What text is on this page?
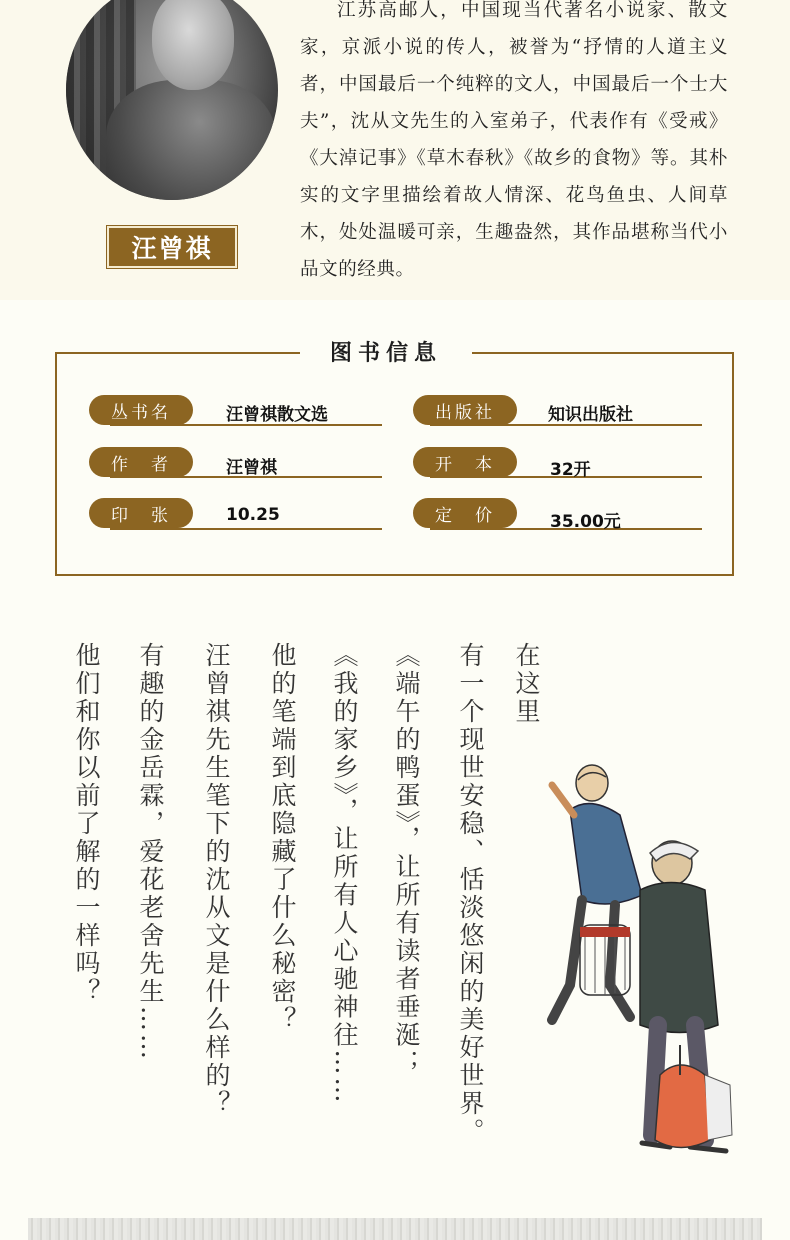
汪曾祺

江苏高邮人，中国现当代著名小说家、散文家，京派小说的传人，被誉为“抒情的人道主义者，中国最后一个纯粹的文人，中国最后一个士大夫”，沈从文先生的入室弟子，代表作有《受戒》《大淖记事》《草木春秋》《故乡的食物》等。其朴实的文字里描绘着故人情深、花鸟鱼虫、人间草木，处处温暖可亲，生趣盎然，其作品堪称当代小品文的经典。

图书信息
丛书名	汪曾祺散文选	出版社	知识出版社
作　者	汪曾祺	开　本	32开
印　张	10.25	定　价	35.00元
在这里
有一个现世安稳、恬淡悠闲的美好世界。
《端午的鸭蛋》，让所有读者垂涎；
《我的家乡》，让所有人心驰神往……
他的笔端到底隐藏了什么秘密？
汪曾祺先生笔下的沈从文是什么样的？
有趣的金岳霖，爱花老舍先生……
他们和你以前了解的一样吗？
